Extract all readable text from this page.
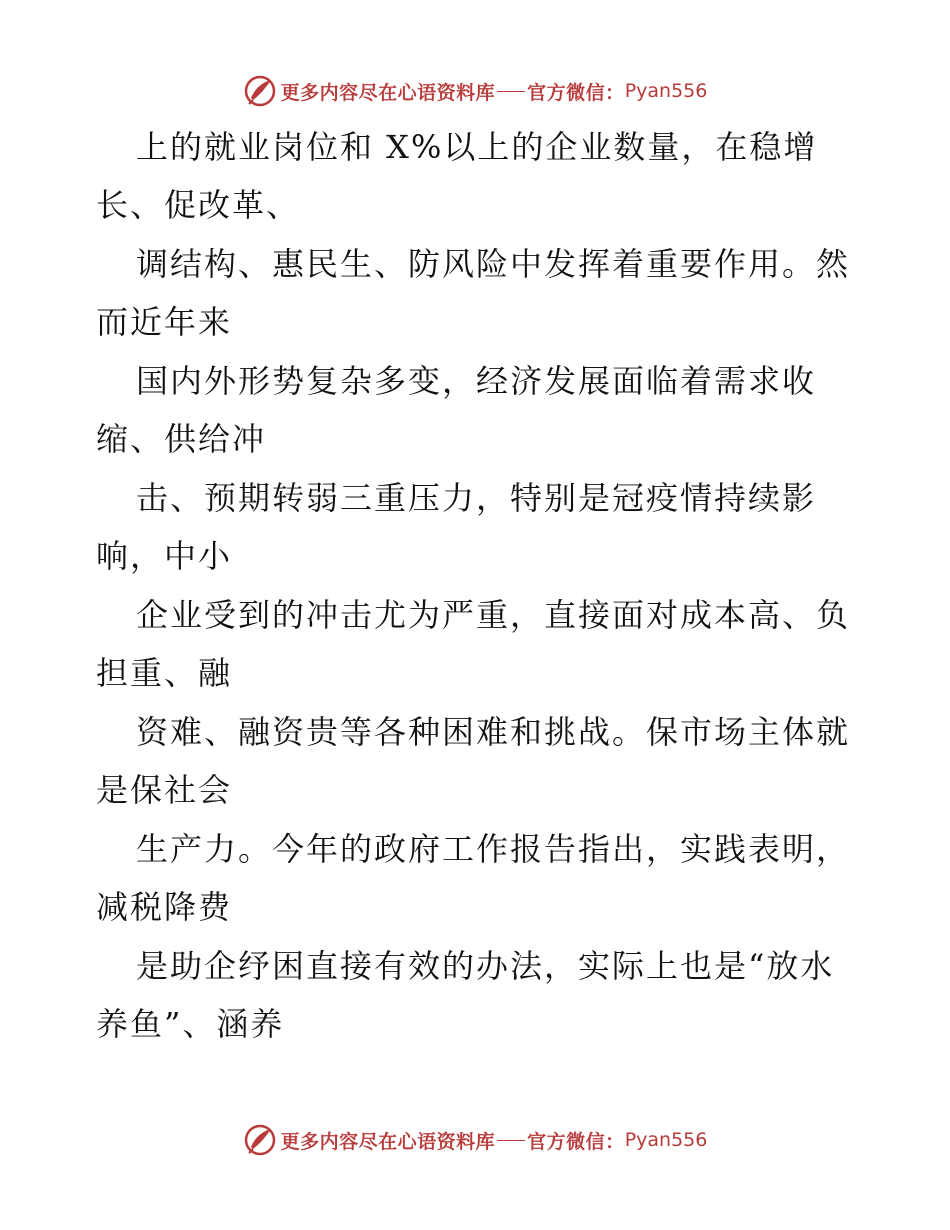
更多内容尽在心语资料库 官方微信： Pyan556
上的就业岗位和 X%以上的企业数量，在稳增
长、促改革、
调结构、惠民生、防风险中发挥着重要作用。然
而近年来
国内外形势复杂多变，经济发展面临着需求收
缩、供给冲
击、预期转弱三重压力，特别是冠疫情持续影
响，中小
企业受到的冲击尤为严重，直接面对成本高、负
担重、融
资难、融资贵等各种困难和挑战。保市场主体就
是保社会
生产力。今年的政府工作报告指出，实践表明，
减税降费
是助企纾困直接有效的办法，实际上也是“放水
养鱼”、涵养
更多内容尽在心语资料库 官方微信： Pyan556
